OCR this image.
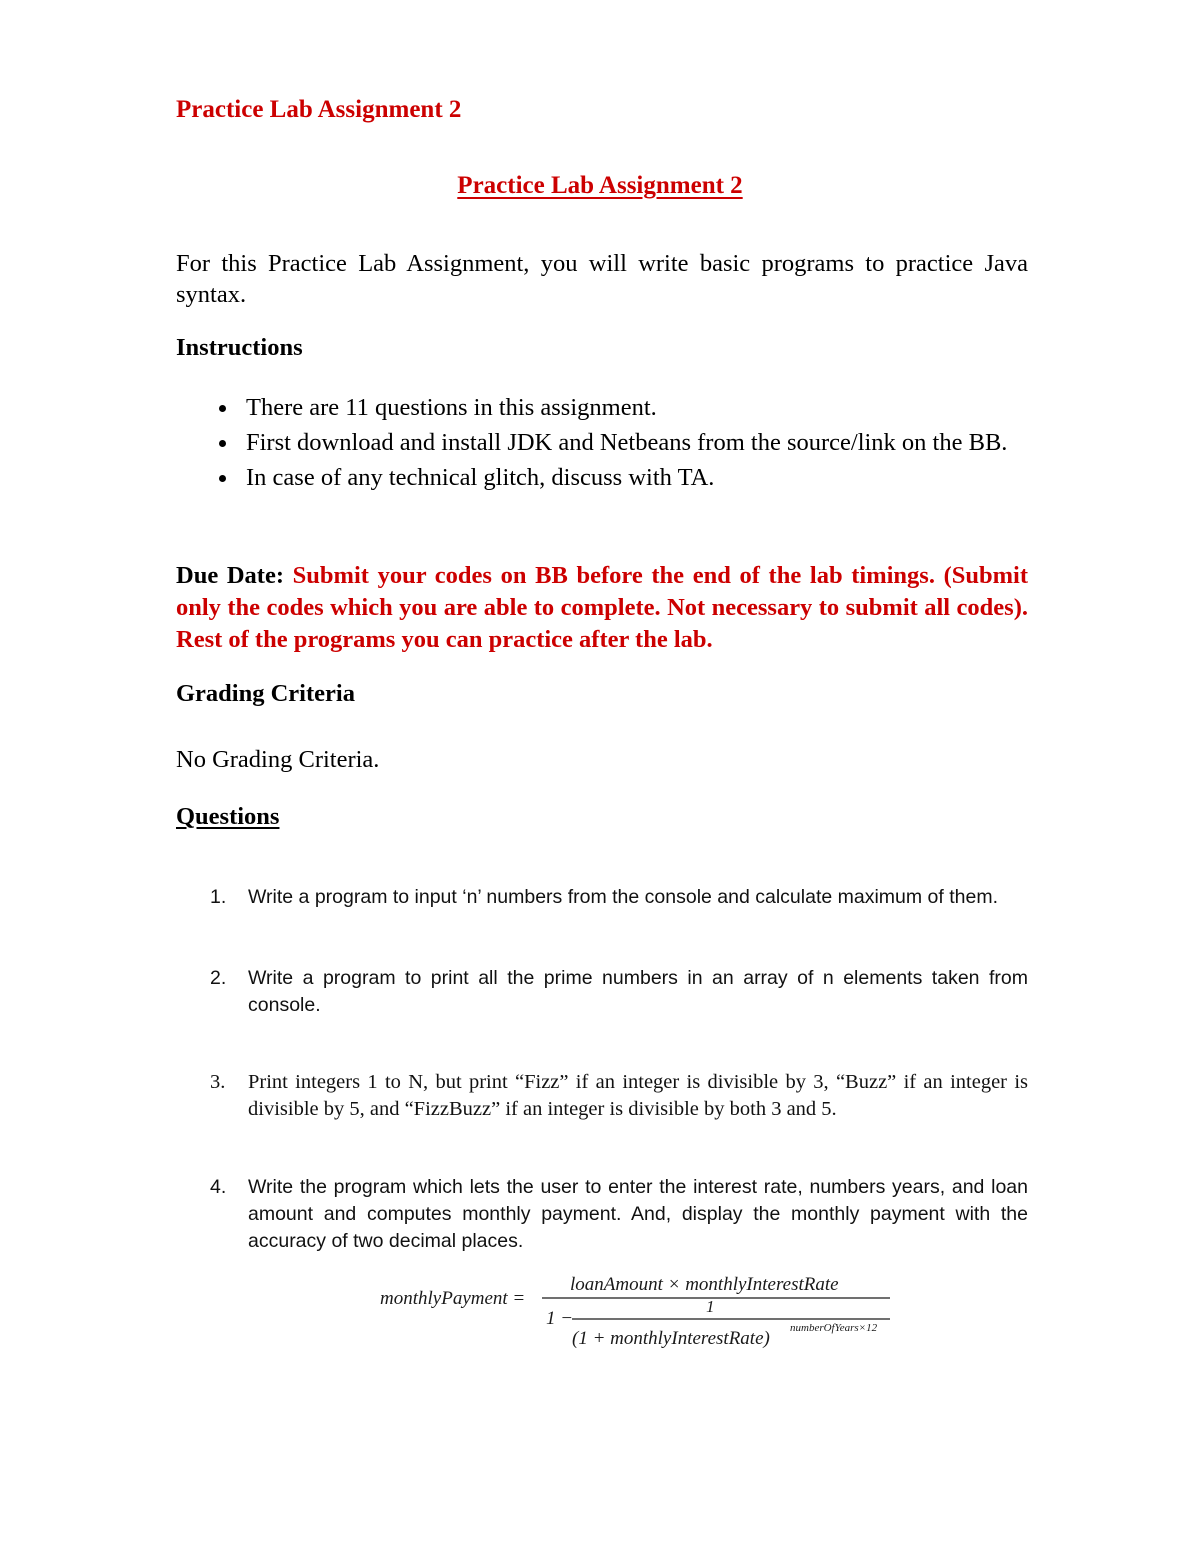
Practice Lab Assignment 2

Practice Lab Assignment 2

For this Practice Lab Assignment, you will write basic programs to practice Java syntax.

Instructions

There are 11 questions in this assignment.
First download and install JDK and Netbeans from the source/link on the BB.
In case of any technical glitch, discuss with TA.

Due Date: Submit your codes on BB before the end of the lab timings. (Submit only the codes which you are able to complete. Not necessary to submit all codes). Rest of the programs you can practice after the lab.

Grading Criteria

No Grading Criteria.

Questions

1. Write a program to input ‘n’ numbers from the console and calculate maximum of them.
2. Write a program to print all the prime numbers in an array of n elements taken from console.
3. Print integers 1 to N, but print “Fizz” if an integer is divisible by 3, “Buzz” if an integer is divisible by 5, and “FizzBuzz” if an integer is divisible by both 3 and 5.
4. Write the program which lets the user to enter the interest rate, numbers years, and loan amount and computes monthly payment. And, display the monthly payment with the accuracy of two decimal places.
monthlyPayment =
loanAmount × monthlyInterestRate
1 −
1
(1 + monthlyInterestRate) numberOfYears×12
